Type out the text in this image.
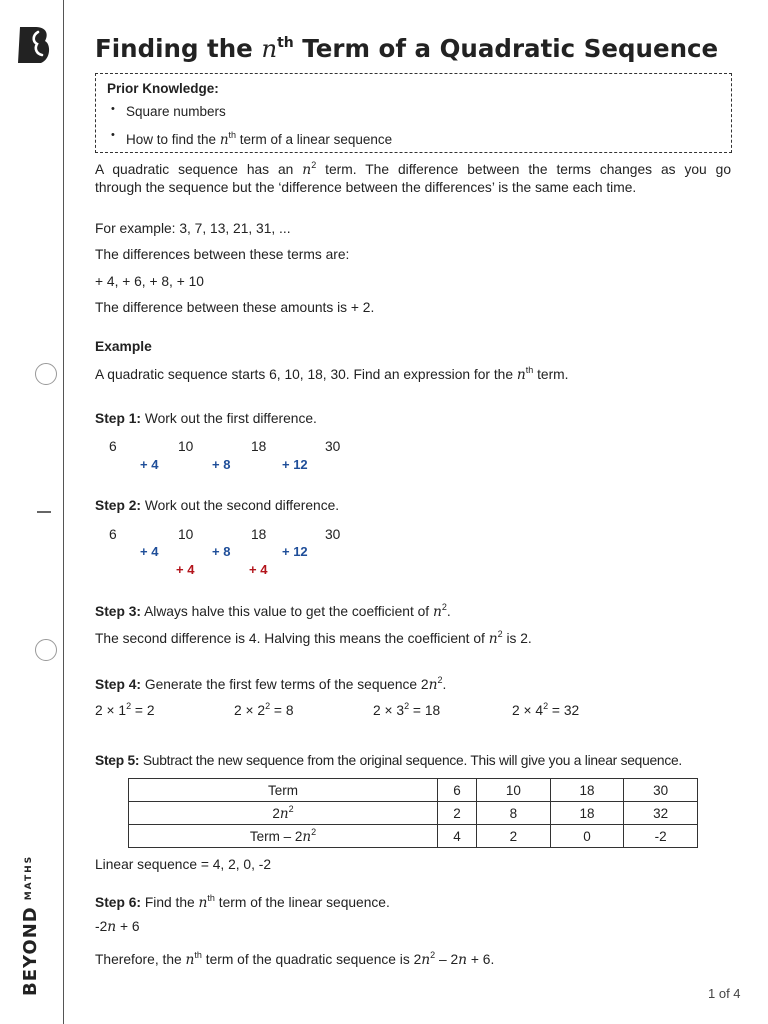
$BEYOND^{MATHS}$
Finding the $n^{th}$ Term of a Quadratic Sequence
Prior Knowledge:
• Square numbers
• How to find the $n^{th}$ term of a linear sequence
A quadratic sequence has an $n^2$ term. The difference between the terms changes as you go
through the sequence but the ‘difference between the differences’ is the same each time.
For example: 3, 7, 13, 21, 31, ...
The differences between these terms are:
+ 4, + 6, + 8, + 10
The difference between these amounts is + 2.
Example
A quadratic sequence starts 6, 10, 18, 30. Find an expression for the $n^{th}$ term.
Step 1: Work out the first difference.
6	10	18	30
+ 4	+ 8	+ 12
Step 2: Work out the second difference.
6	10	18	30
+ 4	+ 8	+ 12
+ 4	+ 4
Step 3: Always halve this value to get the coefficient of $n^2$.
The second difference is 4. Halving this means the coefficient of $n^2$ is 2.
Step 4: Generate the first few terms of the sequence $2n^2$.
$2 \times 1^2 = 2$	$2 \times 2^2 = 8$	$2 \times 3^2 = 18$	$2 \times 4^2 = 32$
Step 5: Subtract the new sequence from the original sequence. This will give you a linear sequence.
Term	6	10	18	30
$2n^2$	2	8	18	32
Term – $2n^2$	4	2	0	-2
Linear sequence = 4, 2, 0, -2
Step 6: Find the $n^{th}$ term of the linear sequence.
-2n + 6
Therefore, the $n^{th}$ term of the quadratic sequence is $2n^2 - 2n + 6$.
1 of 4
